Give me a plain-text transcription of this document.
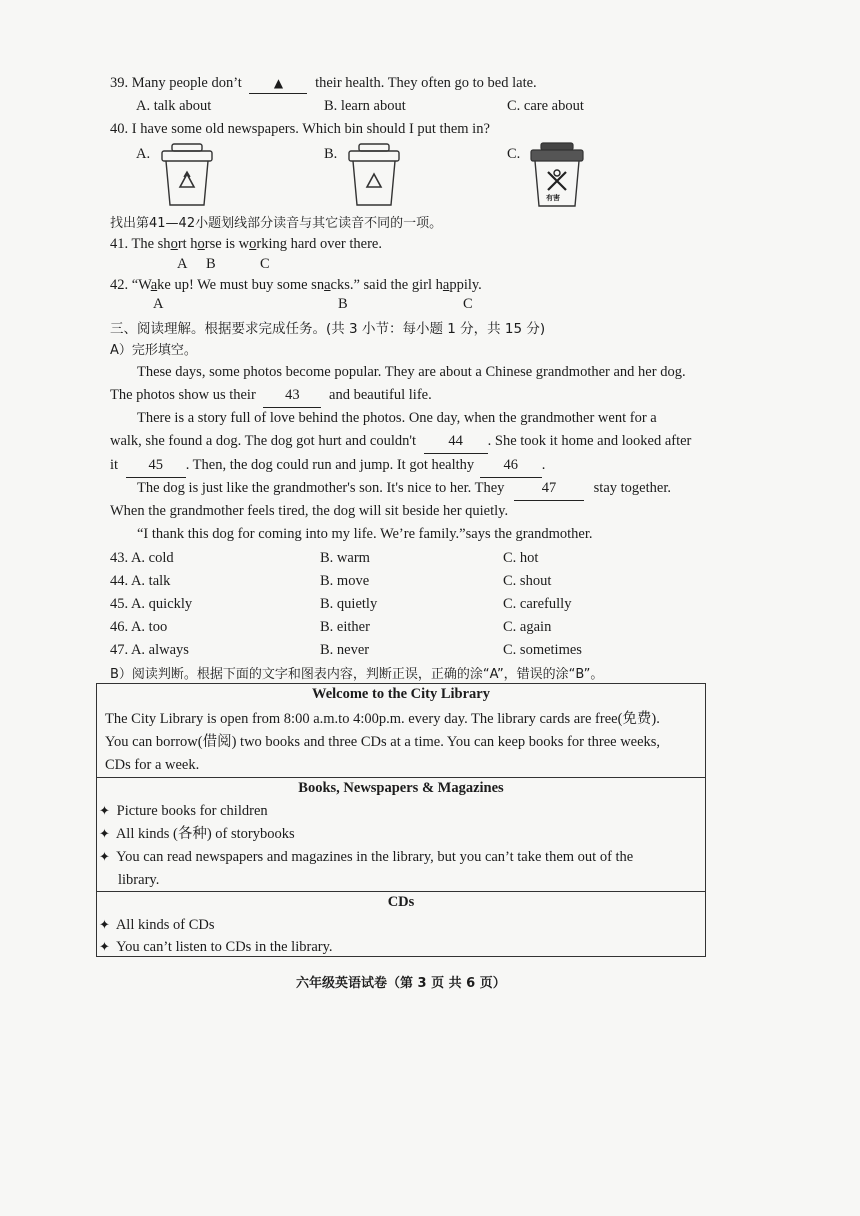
39. Many people don’t	▲ their health. They often go to bed late.
A. talk about	B. learn about	C. care about
40. I have some old newspapers. Which bin should I put them in?
A.	B.	C.
有害
找出第41—42小题划线部分读音与其它读音不同的一项。
41. The short horse is working hard over there.
A B	C
42. “Wake up! We must buy some snacks.” said the girl happily.
A	B	C
三、阅读理解。根据要求完成任务。(共 3 小节：每小题 1 分，共 15 分)
A）完形填空。
These days, some photos become popular. They are about a Chinese grandmother and her dog.
The photos show us their 43 and beautiful life.
There is a story full of love behind the photos. One day, when the grandmother went for a
walk, she found a dog. The dog got hurt and couldn't 44 . She took it home and looked after
it 45 . Then, the dog could run and jump. It got healthy 46 .
The dog is just like the grandmother's son. It's nice to her. They	47	stay together.
When the grandmother feels tired, the dog will sit beside her quietly.
“I thank this dog for coming into my life. We’re family.”says the grandmother.
43. A. cold	B. warm	C. hot
44. A. talk	B. move	C. shout
45. A. quickly	B. quietly	C. carefully
46. A. too	B. either	C. again
47. A. always	B. never	C. sometimes
B）阅读判断。根据下面的文字和图表内容，判断正误，正确的涂“A”，错误的涂“B”。
Welcome to the City Library
The City Library is open from 8:00 a.m.to 4:00p.m. every day. The library cards are free(免费).
You can borrow(借阅) two books and three CDs at a time. You can keep books for three weeks,
CDs for a week.
Books, Newspapers & Magazines
✦ Picture books for children
✦ All kinds (各种) of storybooks
✦ You can read newspapers and magazines in the library, but you can’t take them out of the
library.
CDs
✦ All kinds of CDs
✦ You can’t listen to CDs in the library.
六年级英语试卷（第 3 页 共 6 页）
